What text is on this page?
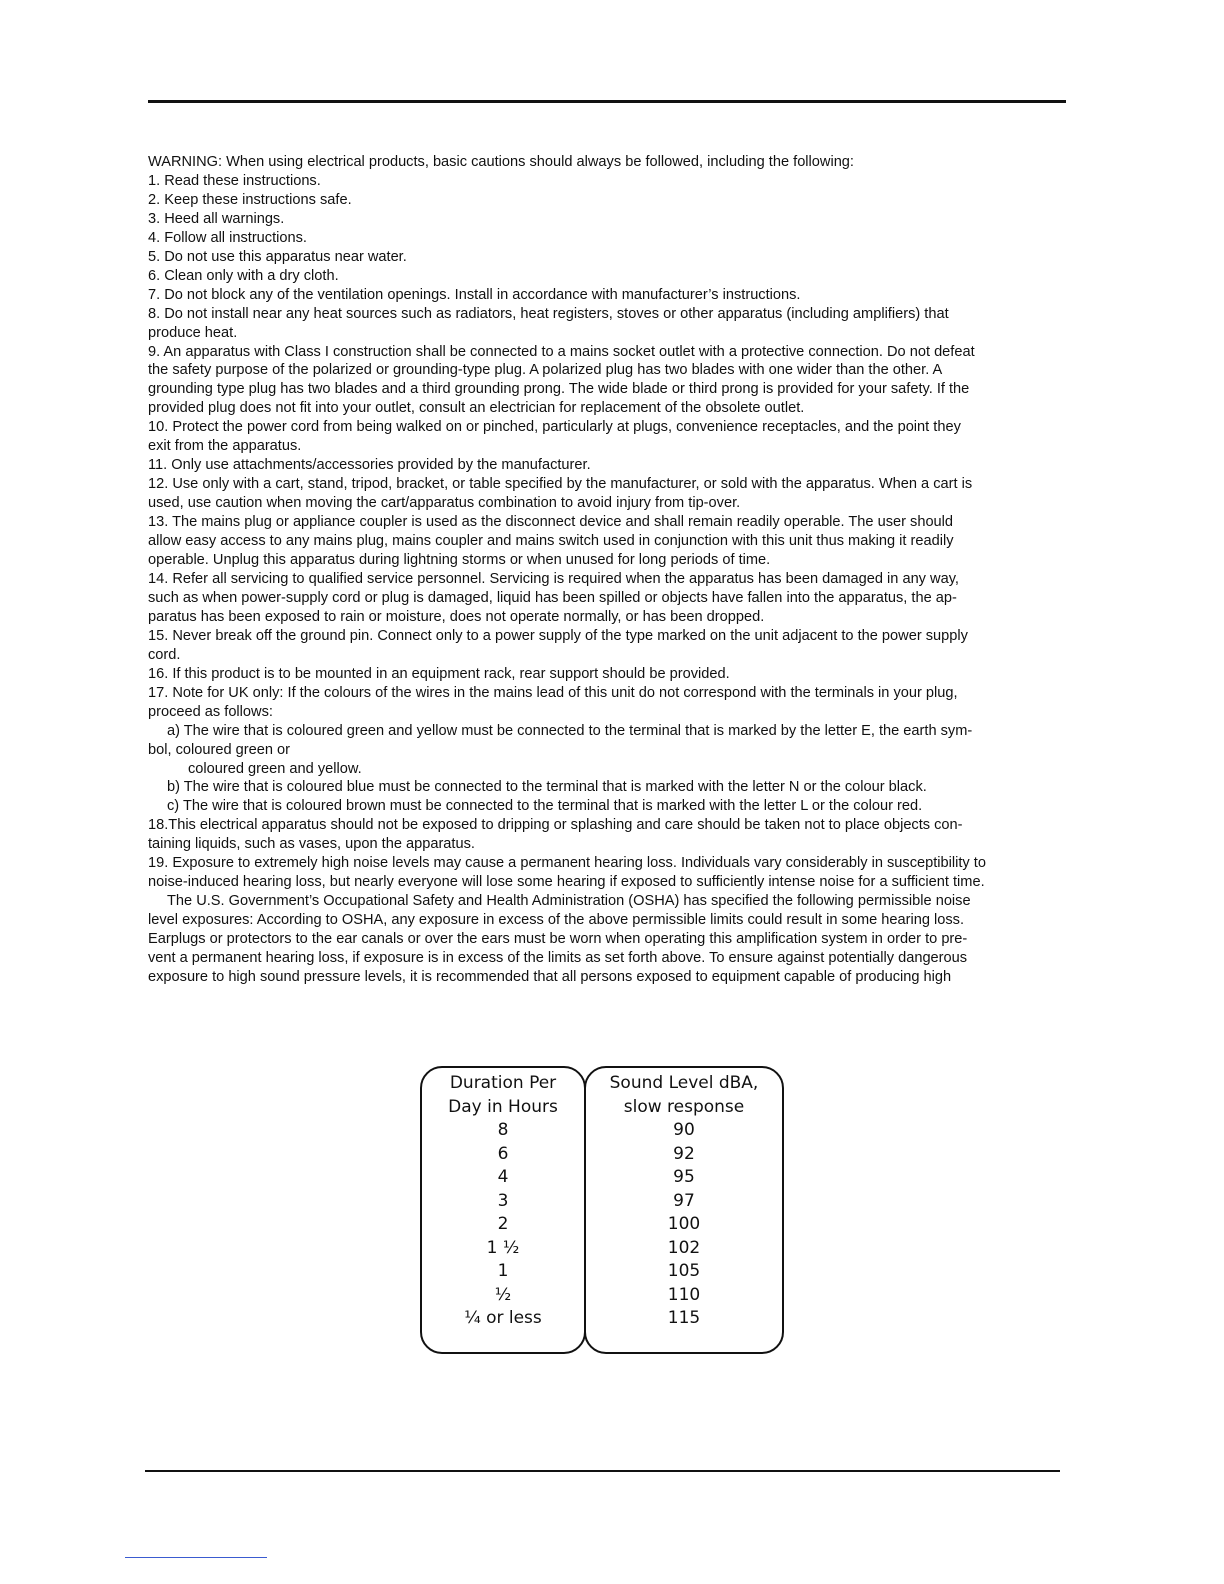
WARNING: When using electrical products, basic cautions should always be followed, including the following:
1. Read these instructions.
2. Keep these instructions safe.
3. Heed all warnings.
4. Follow all instructions.
5. Do not use this apparatus near water.
6. Clean only with a dry cloth.
7. Do not block any of the ventilation openings. Install in accordance with manufacturer’s instructions.
8. Do not install near any heat sources such as radiators, heat registers, stoves or other apparatus (including amplifiers) that
produce heat.
9. An apparatus with Class I construction shall be connected to a mains socket outlet with a protective connection. Do not defeat
the safety purpose of the polarized or grounding-type plug. A polarized plug has two blades with one wider than the other. A
grounding type plug has two blades and a third grounding prong. The wide blade or third prong is provided for your safety. If the
provided plug does not fit into your outlet, consult an electrician for replacement of the obsolete outlet.
10. Protect the power cord from being walked on or pinched, particularly at plugs, convenience receptacles, and the point they
exit from the apparatus.
11. Only use attachments/accessories provided by the manufacturer.
12. Use only with a cart, stand, tripod, bracket, or table specified by the manufacturer, or sold with the apparatus. When a cart is
used, use caution when moving the cart/apparatus combination to avoid injury from tip-over.
13. The mains plug or appliance coupler is used as the disconnect device and shall remain readily operable. The user should
allow easy access to any mains plug, mains coupler and mains switch used in conjunction with this unit thus making it readily
operable. Unplug this apparatus during lightning storms or when unused for long periods of time.
14. Refer all servicing to qualified service personnel. Servicing is required when the apparatus has been damaged in any way,
such as when power-supply cord or plug is damaged, liquid has been spilled or objects have fallen into the apparatus, the ap-
paratus has been exposed to rain or moisture, does not operate normally, or has been dropped.
15. Never break off the ground pin. Connect only to a power supply of the type marked on the unit adjacent to the power supply
cord.
16. If this product is to be mounted in an equipment rack, rear support should be provided.
17. Note for UK only: If the colours of the wires in the mains lead of this unit do not correspond with the terminals in your plug,
proceed as follows:
a) The wire that is coloured green and yellow must be connected to the terminal that is marked by the letter E, the earth sym-
bol, coloured green or
coloured green and yellow.
b) The wire that is coloured blue must be connected to the terminal that is marked with the letter N or the colour black.
c) The wire that is coloured brown must be connected to the terminal that is marked with the letter L or the colour red.
18.This electrical apparatus should not be exposed to dripping or splashing and care should be taken not to place objects con-
taining liquids, such as vases, upon the apparatus.
19. Exposure to extremely high noise levels may cause a permanent hearing loss. Individuals vary considerably in susceptibility to
noise-induced hearing loss, but nearly everyone will lose some hearing if exposed to sufficiently intense noise for a sufficient time.
The U.S. Government’s Occupational Safety and Health Administration (OSHA) has specified the following permissible noise
level exposures: According to OSHA, any exposure in excess of the above permissible limits could result in some hearing loss.
Earplugs or protectors to the ear canals or over the ears must be worn when operating this amplification system in order to pre-
vent a permanent hearing loss, if exposure is in excess of the limits as set forth above. To ensure against potentially dangerous
exposure to high sound pressure levels, it is recommended that all persons exposed to equipment capable of producing high
Duration Per
Day in Hours
8
6
4
3
2
1 ½
1
½
¼ or less
Sound Level dBA,
slow response
90
92
95
97
100
102
105
110
115
